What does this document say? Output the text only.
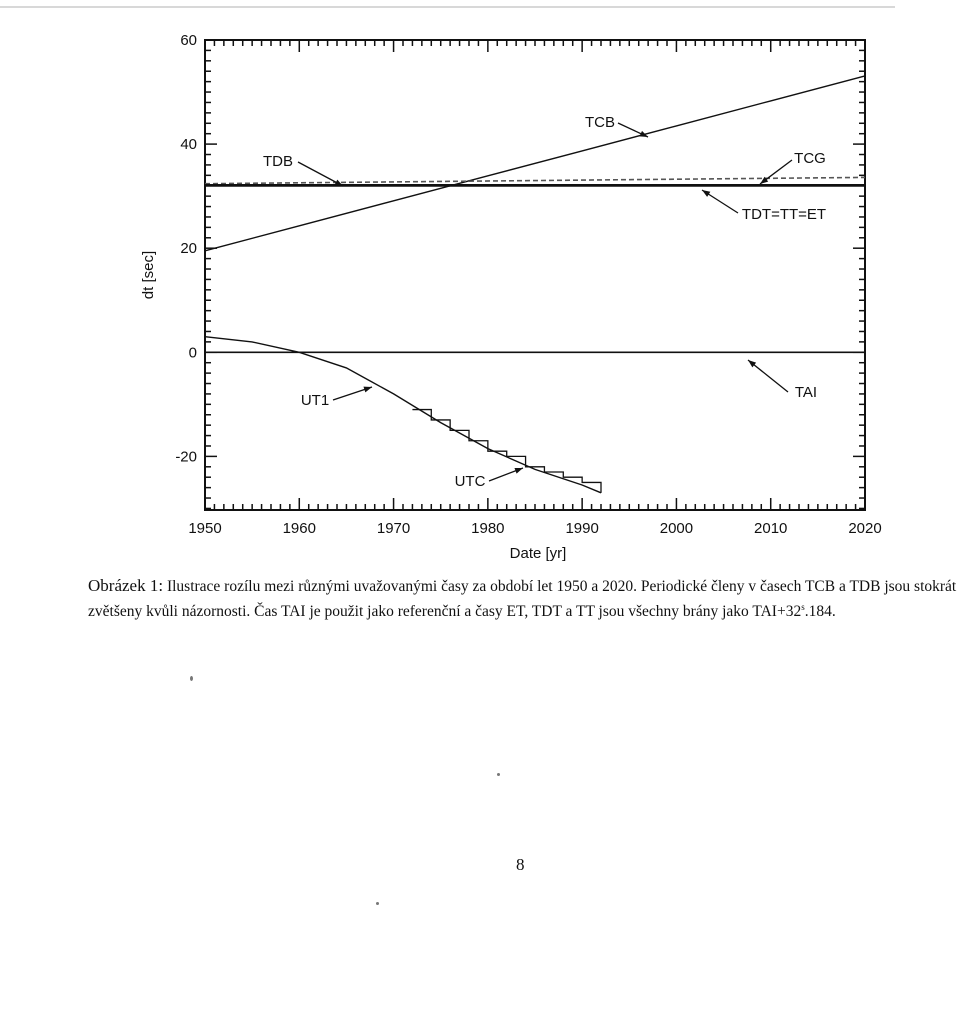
TCB
TDB	TCG
TDT=TT=ET
TAI
UT1
UTC
1950	1960	1970	1980	1990	2000	2010	2020
60
40
20
0
-20
Date [yr]
dt [sec]
Obrázek 1: Ilustrace rozílu mezi různými uvažovanými časy za období let 1950 a 2020. Periodické členy v časech TCB a TDB jsou stokrát zvětšeny kvůli názornosti. Čas TAI je použit jako referenční a časy ET, TDT a TT jsou všechny brány jako $TAI+32^s.184$.
8
